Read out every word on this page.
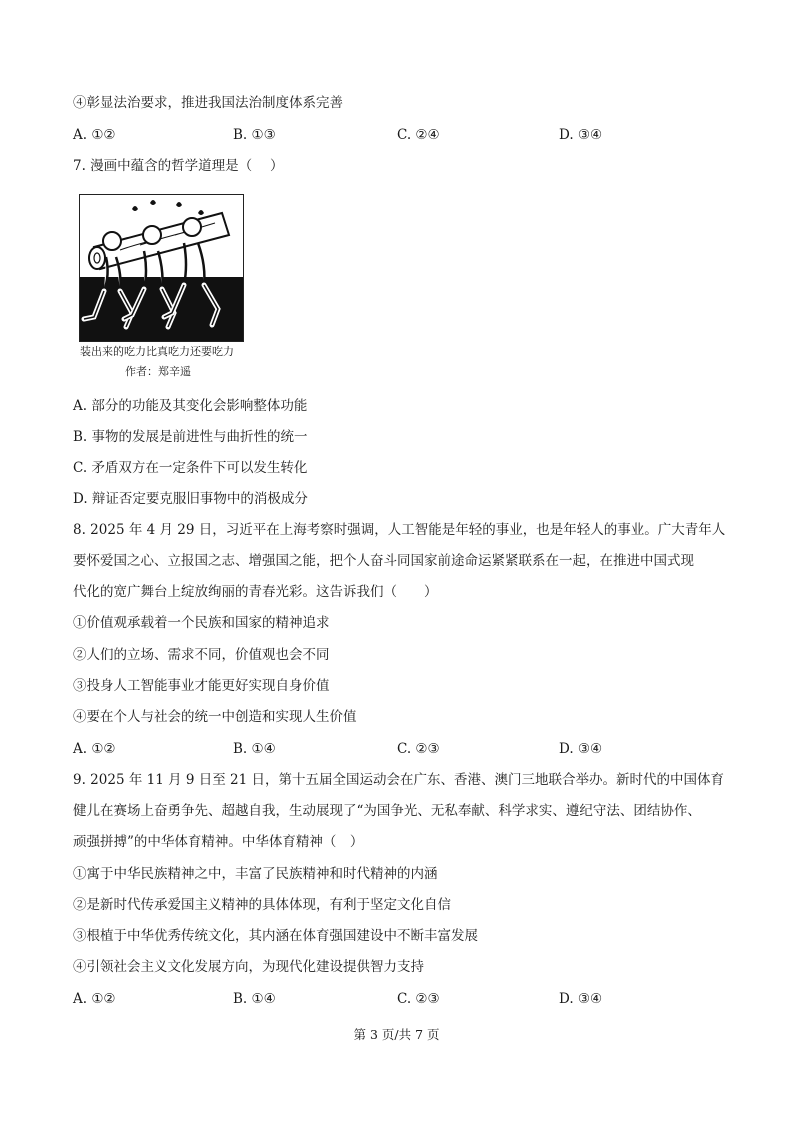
④彰显法治要求，推进我国法治制度体系完善
A. ①②	B. ①③	C. ②④	D. ③④
7. 漫画中蕴含的哲学道理是（　 ）
装出来的吃力比真吃力还要吃力
作者：郑辛遥
A. 部分的功能及其变化会影响整体功能
B. 事物的发展是前进性与曲折性的统一
C. 矛盾双方在一定条件下可以发生转化
D. 辩证否定要克服旧事物中的消极成分
8. 2025 年 4 月 29 日，习近平在上海考察时强调，人工智能是年轻的事业，也是年轻人的事业。广大青年人
要怀爱国之心、立报国之志、增强国之能，把个人奋斗同国家前途命运紧紧联系在一起，在推进中国式现
代化的宽广舞台上绽放绚丽的青春光彩。这告诉我们（　　）
①价值观承载着一个民族和国家的精神追求
②人们的立场、需求不同，价值观也会不同
③投身人工智能事业才能更好实现自身价值
④要在个人与社会的统一中创造和实现人生价值
A. ①②	B. ①④	C. ②③	D. ③④
9. 2025 年 11 月 9 日至 21 日，第十五届全国运动会在广东、香港、澳门三地联合举办。新时代的中国体育
健儿在赛场上奋勇争先、超越自我，生动展现了“为国争光、无私奉献、科学求实、遵纪守法、团结协作、
顽强拼搏”的中华体育精神。中华体育精神（　）
①寓于中华民族精神之中，丰富了民族精神和时代精神的内涵
②是新时代传承爱国主义精神的具体体现，有利于坚定文化自信
③根植于中华优秀传统文化，其内涵在体育强国建设中不断丰富发展
④引领社会主义文化发展方向，为现代化建设提供智力支持
A. ①②	B. ①④	C. ②③	D. ③④
第 3 页/共 7 页
